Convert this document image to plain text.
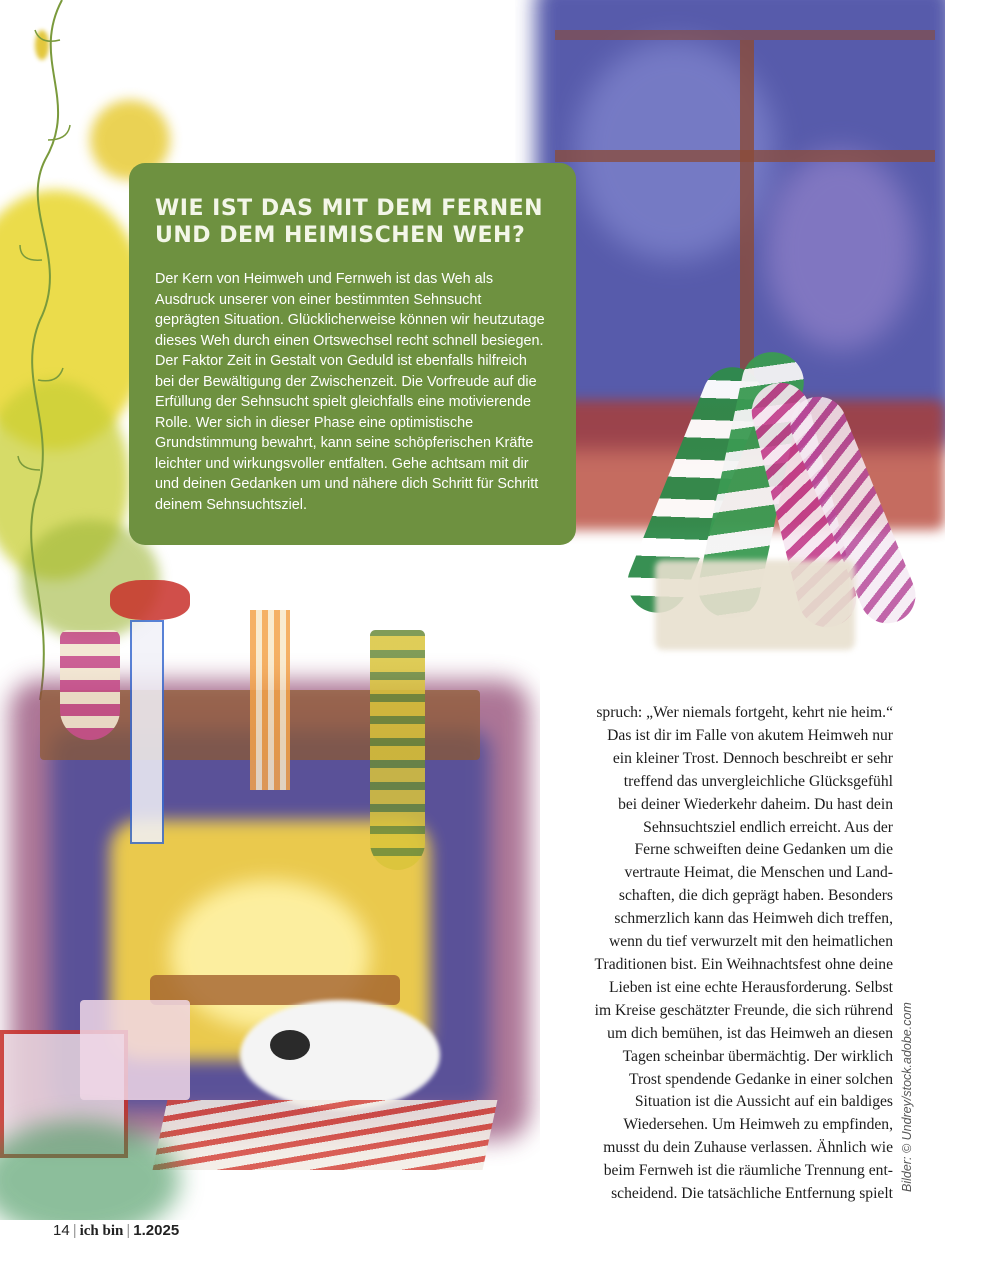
WIE IST DAS MIT DEM FERNEN
UND DEM HEIMISCHEN WEH?

Der Kern von Heimweh und Fernweh ist das Weh als Ausdruck unserer von einer bestimmten Sehnsucht geprägten Situation. Glücklicherweise können wir heutzutage dieses Weh durch einen Ortswechsel recht schnell besiegen. Der Faktor Zeit in Gestalt von Geduld ist ebenfalls hilfreich bei der Bewältigung der Zwischenzeit. Die Vorfreude auf die Erfüllung der Sehnsucht spielt gleichfalls eine motivierende Rolle. Wer sich in dieser Phase eine optimistische Grundstimmung bewahrt, kann seine schöpferischen Kräfte leichter und wirkungsvoller entfalten. Gehe achtsam mit dir und deinen Gedanken um und nähere dich Schritt für Schritt deinem Sehnsuchtsziel.

spruch: „Wer niemals fortgeht, kehrt nie heim.“
Das ist dir im Falle von akutem Heimweh nur
ein kleiner Trost. Dennoch beschreibt er sehr
treffend das unvergleichliche Glücksgefühl
bei deiner Wiederkehr daheim. Du hast dein
Sehnsuchtsziel endlich erreicht. Aus der
Ferne schweiften deine Gedanken um die
vertraute Heimat, die Menschen und Land-
schaften, die dich geprägt haben. Besonders
schmerzlich kann das Heimweh dich treffen,
wenn du tief verwurzelt mit den heimatlichen
Traditionen bist. Ein Weihnachtsfest ohne deine
Lieben ist eine echte Herausforderung. Selbst
im Kreise geschätzter Freunde, die sich rührend
um dich bemühen, ist das Heimweh an diesen
Tagen scheinbar übermächtig. Der wirklich
Trost spendende Gedanke in einer solchen
Situation ist die Aussicht auf ein baldiges
Wiedersehen. Um Heimweh zu empfinden,
musst du dein Zuhause verlassen. Ähnlich wie
beim Fernweh ist die räumliche Trennung ent-
scheidend. Die tatsächliche Entfernung spielt
14 | ich bin | 1.2025
Bilder: © Undrey/stock.adobe.com
